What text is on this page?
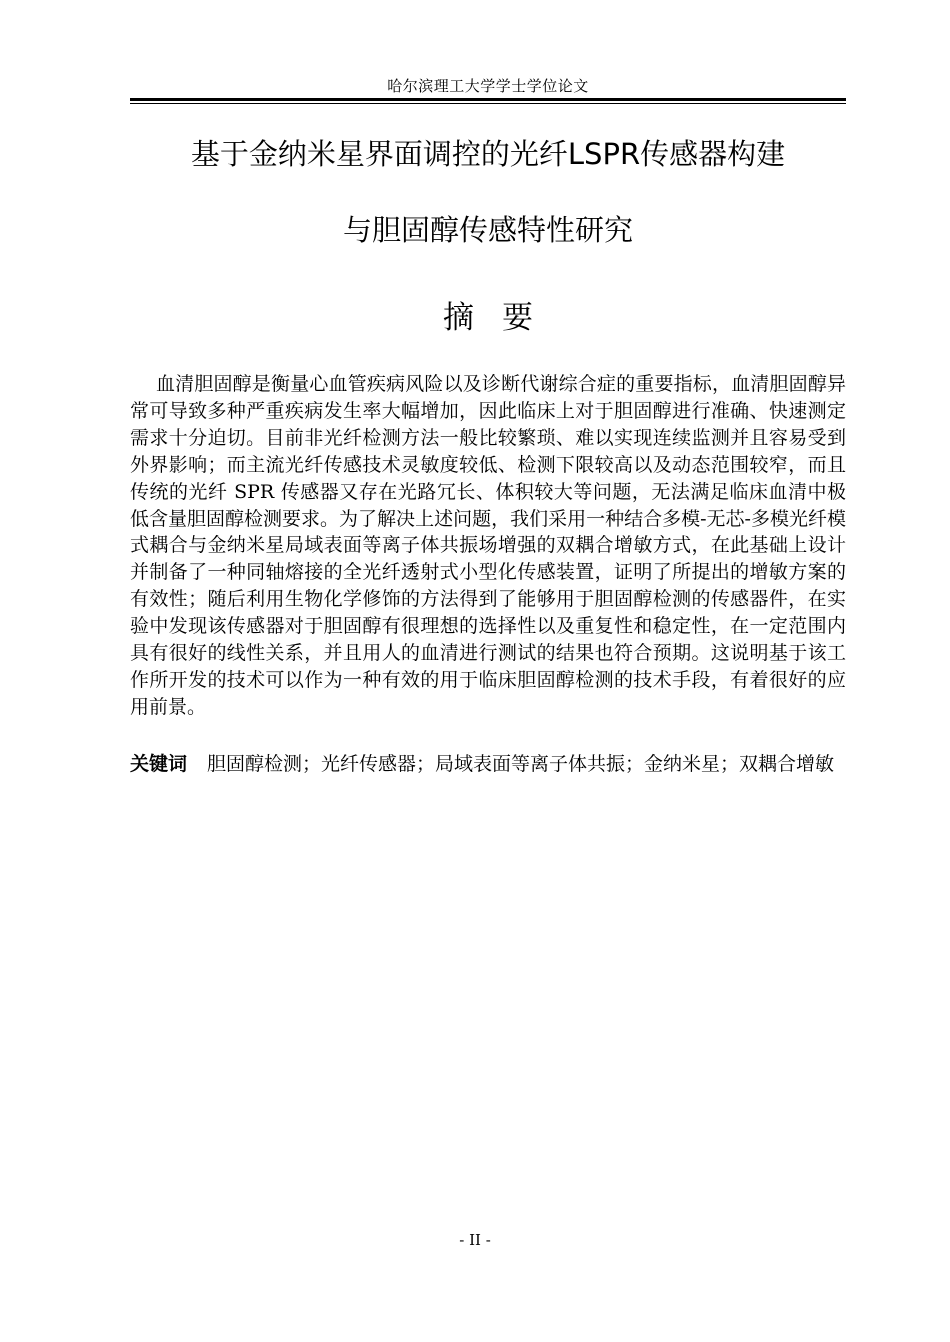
哈尔滨理工大学学士学位论文
基于金纳米星界面调控的光纤LSPR传感器构建
与胆固醇传感特性研究
摘要

血清胆固醇是衡量心血管疾病风险以及诊断代谢综合症的重要指标，血清胆固醇异常可导致多种严重疾病发生率大幅增加，因此临床上对于胆固醇进行准确、快速测定需求十分迫切。目前非光纤检测方法一般比较繁琐、难以实现连续监测并且容易受到外界影响；而主流光纤传感技术灵敏度较低、检测下限较高以及动态范围较窄，而且传统的光纤 SPR 传感器又存在光路冗长、体积较大等问题，无法满足临床血清中极低含量胆固醇检测要求。为了解决上述问题，我们采用一种结合多模-无芯-多模光纤模式耦合与金纳米星局域表面等离子体共振场增强的双耦合增敏方式，在此基础上设计并制备了一种同轴熔接的全光纤透射式小型化传感装置，证明了所提出的增敏方案的有效性；随后利用生物化学修饰的方法得到了能够用于胆固醇检测的传感器件，在实验中发现该传感器对于胆固醇有很理想的选择性以及重复性和稳定性，在一定范围内具有很好的线性关系，并且用人的血清进行测试的结果也符合预期。这说明基于该工作所开发的技术可以作为一种有效的用于临床胆固醇检测的技术手段，有着很好的应用前景。

关键词 胆固醇检测；光纤传感器；局域表面等离子体共振；金纳米星；双耦合增敏

- II -
